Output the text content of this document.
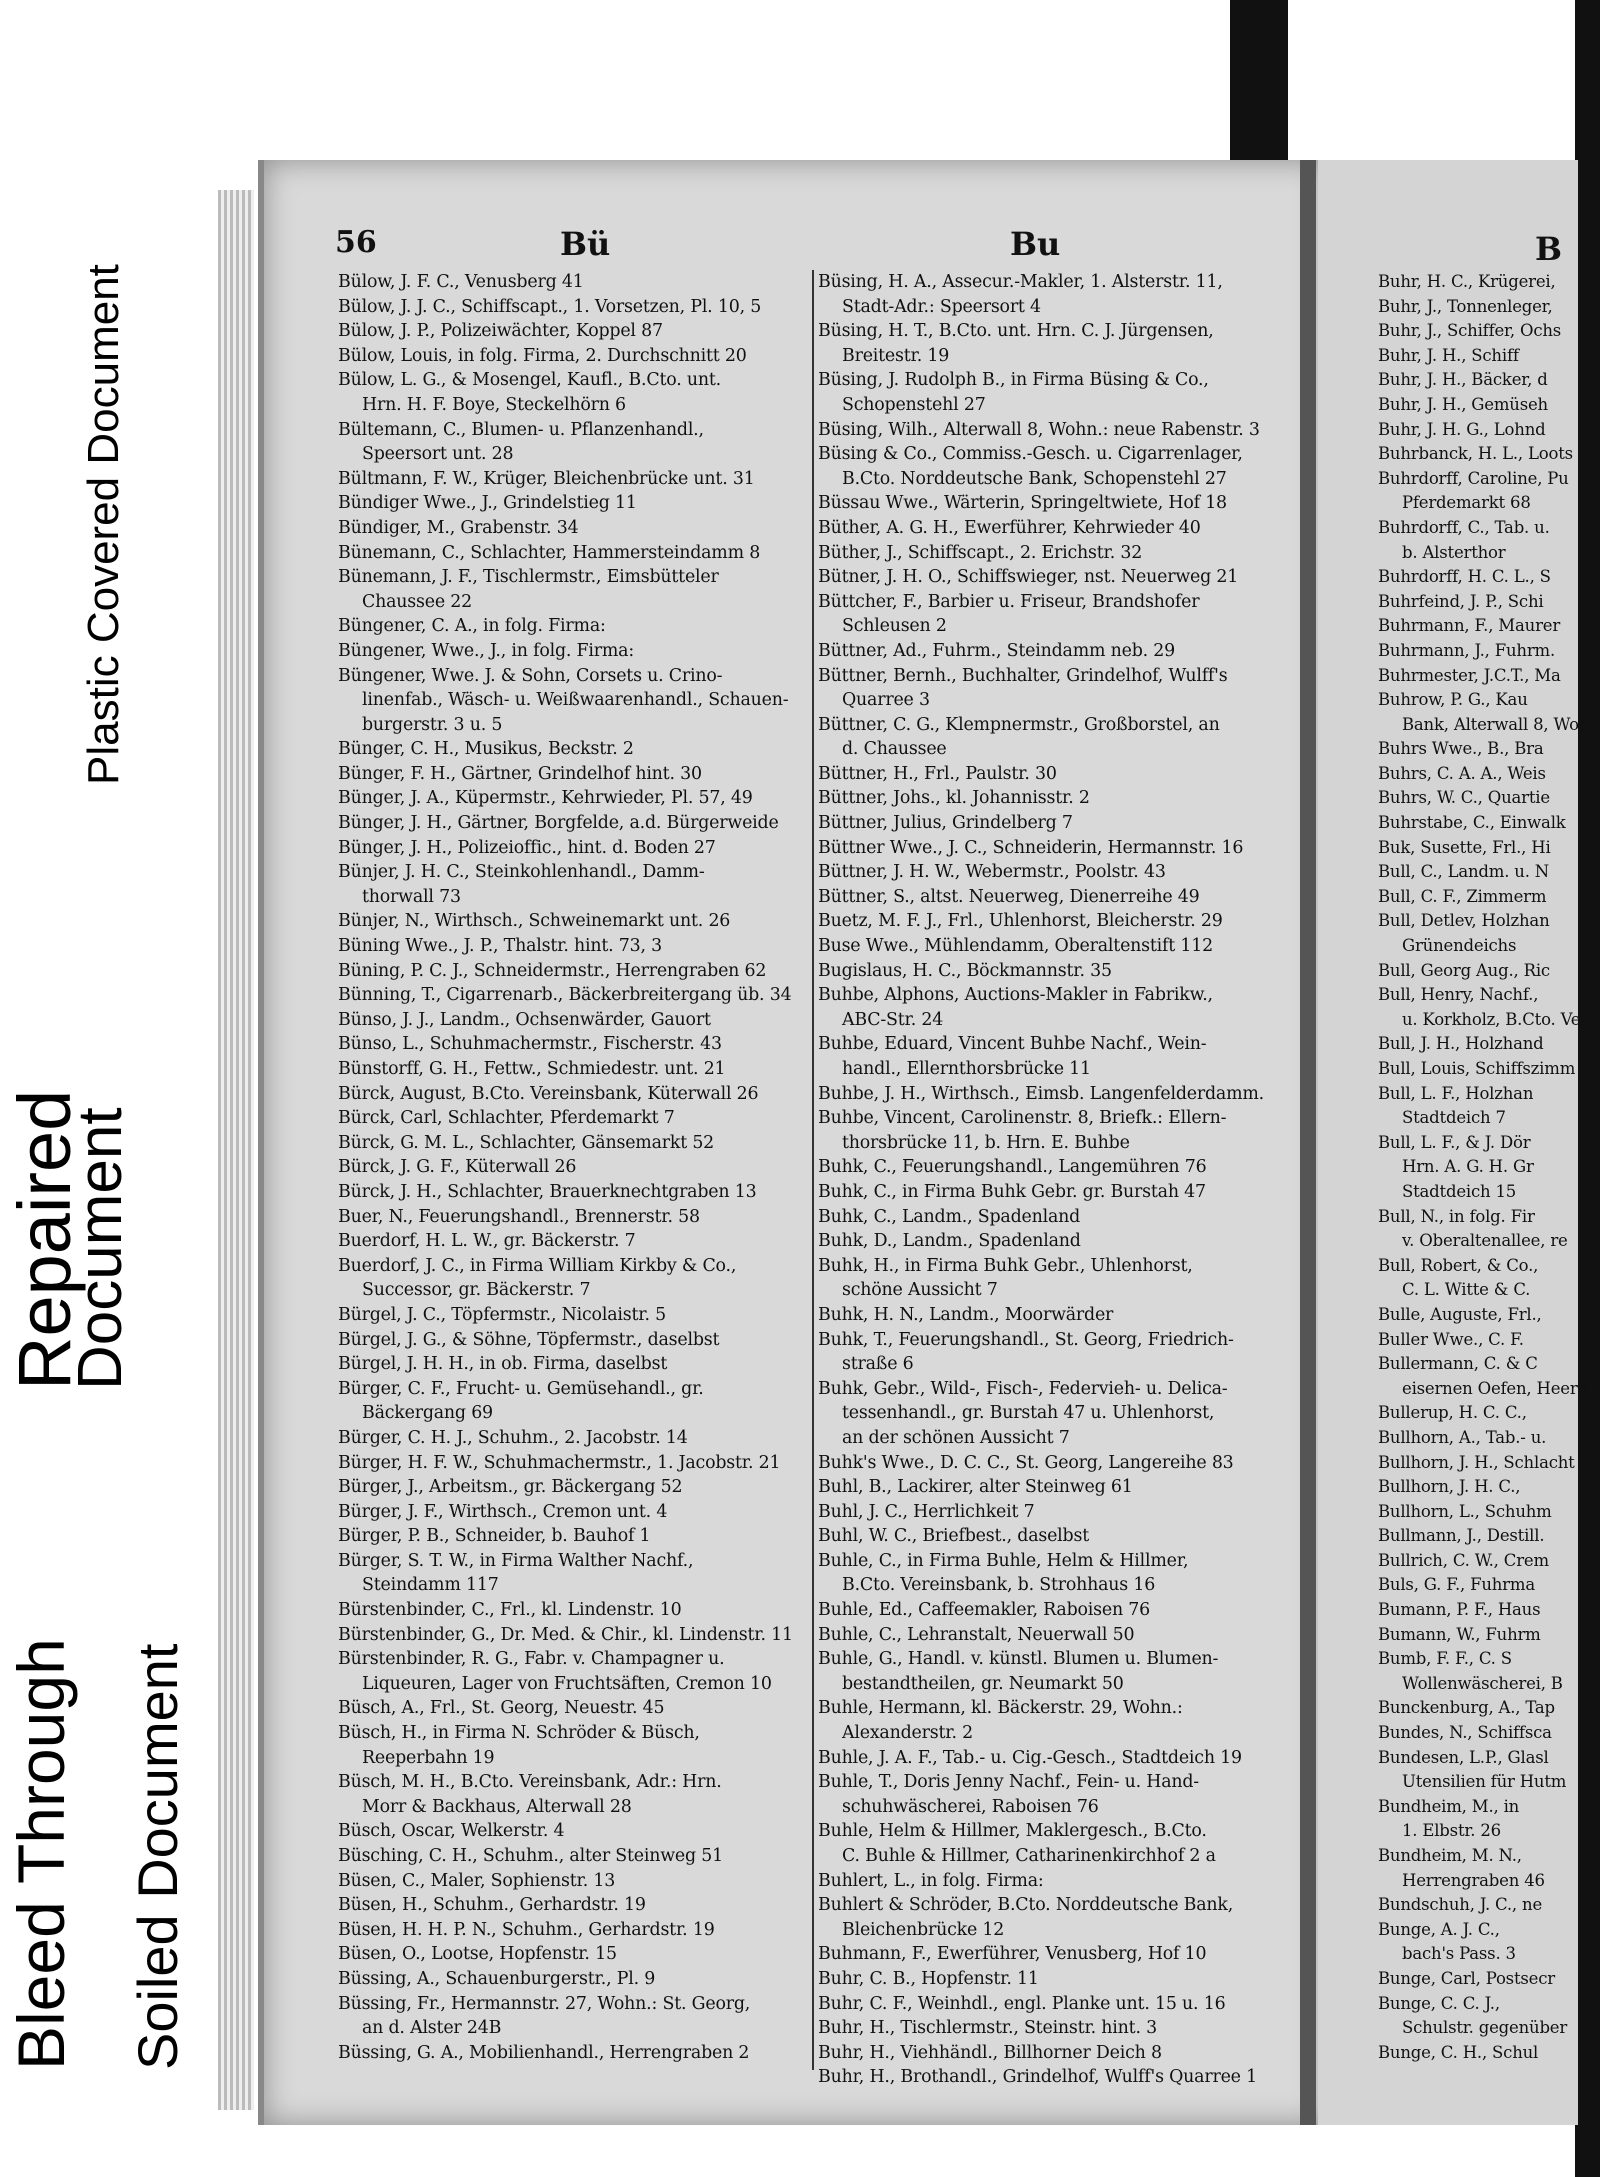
Plastic Covered Document
Repaired
Document
Bleed Through Soiled Document
56	Bü	Bu	B
Bülow, J. F. C., Venusberg 41
Bülow, J. J. C., Schiffscapt., 1. Vorsetzen, Pl. 10, 5
Bülow, J. P., Polizeiwächter, Koppel 87
Bülow, Louis, in folg. Firma, 2. Durchschnitt 20
Bülow, L. G., & Mosengel, Kaufl., B.Cto. unt.
Hrn. H. F. Boye, Steckelhörn 6
Bültemann, C., Blumen- u. Pflanzenhandl.,
Speersort unt. 28
Bültmann, F. W., Krüger, Bleichenbrücke unt. 31
Bündiger Wwe., J., Grindelstieg 11
Bündiger, M., Grabenstr. 34
Bünemann, C., Schlachter, Hammersteindamm 8
Bünemann, J. F., Tischlermstr., Eimsbütteler
Chaussee 22
Büngener, C. A., in folg. Firma:
Büngener, Wwe., J., in folg. Firma:
Büngener, Wwe. J. & Sohn, Corsets u. Crino-
linenfab., Wäsch- u. Weißwaarenhandl., Schauen-
burgerstr. 3 u. 5
Bünger, C. H., Musikus, Beckstr. 2
Bünger, F. H., Gärtner, Grindelhof hint. 30
Bünger, J. A., Küpermstr., Kehrwieder, Pl. 57, 49
Bünger, J. H., Gärtner, Borgfelde, a.d. Bürgerweide
Bünger, J. H., Polizeioffic., hint. d. Boden 27
Bünjer, J. H. C., Steinkohlenhandl., Damm-
thorwall 73
Bünjer, N., Wirthsch., Schweinemarkt unt. 26
Büning Wwe., J. P., Thalstr. hint. 73, 3
Büning, P. C. J., Schneidermstr., Herrengraben 62
Bünning, T., Cigarrenarb., Bäckerbreitergang üb. 34
Bünso, J. J., Landm., Ochsenwärder, Gauort
Bünso, L., Schuhmachermstr., Fischerstr. 43
Bünstorff, G. H., Fettw., Schmiedestr. unt. 21
Bürck, August, B.Cto. Vereinsbank, Küterwall 26
Bürck, Carl, Schlachter, Pferdemarkt 7
Bürck, G. M. L., Schlachter, Gänsemarkt 52
Bürck, J. G. F., Küterwall 26
Bürck, J. H., Schlachter, Brauerknechtgraben 13
Buer, N., Feuerungshandl., Brennerstr. 58
Buerdorf, H. L. W., gr. Bäckerstr. 7
Buerdorf, J. C., in Firma William Kirkby & Co.,
Successor, gr. Bäckerstr. 7
Bürgel, J. C., Töpfermstr., Nicolaistr. 5
Bürgel, J. G., & Söhne, Töpfermstr., daselbst
Bürgel, J. H. H., in ob. Firma, daselbst
Bürger, C. F., Frucht- u. Gemüsehandl., gr.
Bäckergang 69
Bürger, C. H. J., Schuhm., 2. Jacobstr. 14
Bürger, H. F. W., Schuhmachermstr., 1. Jacobstr. 21
Bürger, J., Arbeitsm., gr. Bäckergang 52
Bürger, J. F., Wirthsch., Cremon unt. 4
Bürger, P. B., Schneider, b. Bauhof 1
Bürger, S. T. W., in Firma Walther Nachf.,
Steindamm 117
Bürstenbinder, C., Frl., kl. Lindenstr. 10
Bürstenbinder, G., Dr. Med. & Chir., kl. Lindenstr. 11
Bürstenbinder, R. G., Fabr. v. Champagner u.
Liqueuren, Lager von Fruchtsäften, Cremon 10
Büsch, A., Frl., St. Georg, Neuestr. 45
Büsch, H., in Firma N. Schröder & Büsch,
Reeperbahn 19
Büsch, M. H., B.Cto. Vereinsbank, Adr.: Hrn.
Morr & Backhaus, Alterwall 28
Büsch, Oscar, Welkerstr. 4
Büsching, C. H., Schuhm., alter Steinweg 51
Büsen, C., Maler, Sophienstr. 13
Büsen, H., Schuhm., Gerhardstr. 19
Büsen, H. H. P. N., Schuhm., Gerhardstr. 19
Büsen, O., Lootse, Hopfenstr. 15
Büssing, A., Schauenburgerstr., Pl. 9
Büssing, Fr., Hermannstr. 27, Wohn.: St. Georg,
an d. Alster 24B
Büssing, G. A., Mobilienhandl., Herrengraben 2
Büsing, H. A., Assecur.-Makler, 1. Alsterstr. 11,
Stadt-Adr.: Speersort 4
Büsing, H. T., B.Cto. unt. Hrn. C. J. Jürgensen,
Breitestr. 19
Büsing, J. Rudolph B., in Firma Büsing & Co.,
Schopenstehl 27
Büsing, Wilh., Alterwall 8, Wohn.: neue Rabenstr. 3
Büsing & Co., Commiss.-Gesch. u. Cigarrenlager,
B.Cto. Norddeutsche Bank, Schopenstehl 27
Büssau Wwe., Wärterin, Springeltwiete, Hof 18
Büther, A. G. H., Ewerführer, Kehrwieder 40
Büther, J., Schiffscapt., 2. Erichstr. 32
Bütner, J. H. O., Schiffswieger, nst. Neuerweg 21
Büttcher, F., Barbier u. Friseur, Brandshofer
Schleusen 2
Büttner, Ad., Fuhrm., Steindamm neb. 29
Büttner, Bernh., Buchhalter, Grindelhof, Wulff's
Quarree 3
Büttner, C. G., Klempnermstr., Großborstel, an
d. Chaussee
Büttner, H., Frl., Paulstr. 30
Büttner, Johs., kl. Johannisstr. 2
Büttner, Julius, Grindelberg 7
Büttner Wwe., J. C., Schneiderin, Hermannstr. 16
Büttner, J. H. W., Webermstr., Poolstr. 43
Büttner, S., altst. Neuerweg, Dienerreihe 49
Buetz, M. F. J., Frl., Uhlenhorst, Bleicherstr. 29
Buse Wwe., Mühlendamm, Oberaltenstift 112
Bugislaus, H. C., Böckmannstr. 35
Buhbe, Alphons, Auctions-Makler in Fabrikw.,
ABC-Str. 24
Buhbe, Eduard, Vincent Buhbe Nachf., Wein-
handl., Ellernthorsbrücke 11
Buhbe, J. H., Wirthsch., Eimsb. Langenfelderdamm.
Buhbe, Vincent, Carolinenstr. 8, Briefk.: Ellern-
thorsbrücke 11, b. Hrn. E. Buhbe
Buhk, C., Feuerungshandl., Langemühren 76
Buhk, C., in Firma Buhk Gebr. gr. Burstah 47
Buhk, C., Landm., Spadenland
Buhk, D., Landm., Spadenland
Buhk, H., in Firma Buhk Gebr., Uhlenhorst,
schöne Aussicht 7
Buhk, H. N., Landm., Moorwärder
Buhk, T., Feuerungshandl., St. Georg, Friedrich-
straße 6
Buhk, Gebr., Wild-, Fisch-, Federvieh- u. Delica-
tessenhandl., gr. Burstah 47 u. Uhlenhorst,
an der schönen Aussicht 7
Buhk's Wwe., D. C. C., St. Georg, Langereihe 83
Buhl, B., Lackirer, alter Steinweg 61
Buhl, J. C., Herrlichkeit 7
Buhl, W. C., Briefbest., daselbst
Buhle, C., in Firma Buhle, Helm & Hillmer,
B.Cto. Vereinsbank, b. Strohhaus 16
Buhle, Ed., Caffeemakler, Raboisen 76
Buhle, C., Lehranstalt, Neuerwall 50
Buhle, G., Handl. v. künstl. Blumen u. Blumen-
bestandtheilen, gr. Neumarkt 50
Buhle, Hermann, kl. Bäckerstr. 29, Wohn.:
Alexanderstr. 2
Buhle, J. A. F., Tab.- u. Cig.-Gesch., Stadtdeich 19
Buhle, T., Doris Jenny Nachf., Fein- u. Hand-
schuhwäscherei, Raboisen 76
Buhle, Helm & Hillmer, Maklergesch., B.Cto.
C. Buhle & Hillmer, Catharinenkirchhof 2 a
Buhlert, L., in folg. Firma:
Buhlert & Schröder, B.Cto. Norddeutsche Bank,
Bleichenbrücke 12
Buhmann, F., Ewerführer, Venusberg, Hof 10
Buhr, C. B., Hopfenstr. 11
Buhr, C. F., Weinhdl., engl. Planke unt. 15 u. 16
Buhr, H., Tischlermstr., Steinstr. hint. 3
Buhr, H., Viehhändl., Billhorner Deich 8
Buhr, H., Brothandl., Grindelhof, Wulff's Quarree 1
Buhr, H. C., Krügerei,
Buhr, J., Tonnenleger,
Buhr, J., Schiffer, Ochs
Buhr, J. H., Schiff
Buhr, J. H., Bäcker, d
Buhr, J. H., Gemüseh
Buhr, J. H. G., Lohnd
Buhrbanck, H. L., Loots
Buhrdorff, Caroline, Pu
Pferdemarkt 68
Buhrdorff, C., Tab. u.
b. Alsterthor
Buhrdorff, H. C. L., S
Buhrfeind, J. P., Schi
Buhrmann, F., Maurer
Buhrmann, J., Fuhrm.
Buhrmester, J.C.T., Ma
Buhrow, P. G., Kau
Bank, Alterwall 8, Woh
Buhrs Wwe., B., Bra
Buhrs, C. A. A., Weis
Buhrs, W. C., Quartie
Buhrstabe, C., Einwalk
Buk, Susette, Frl., Hi
Bull, C., Landm. u. N
Bull, C. F., Zimmerm
Bull, Detlev, Holzhan
Grünendeichs
Bull, Georg Aug., Ric
Bull, Henry, Nachf.,
u. Korkholz, B.Cto. Ve
Bull, J. H., Holzhand
Bull, Louis, Schiffszimm
Bull, L. F., Holzhan
Stadtdeich 7
Bull, L. F., & J. Dör
Hrn. A. G. H. Gr
Stadtdeich 15
Bull, N., in folg. Fir
v. Oberaltenallee, re
Bull, Robert, & Co.,
C. L. Witte & C.
Bulle, Auguste, Frl.,
Buller Wwe., C. F.
Bullermann, C. & C
eisernen Oefen, Heerd
Bullerup, H. C. C.,
Bullhorn, A., Tab.- u.
Bullhorn, J. H., Schlacht
Bullhorn, J. H. C.,
Bullhorn, L., Schuhm
Bullmann, J., Destill.
Bullrich, C. W., Crem
Buls, G. F., Fuhrma
Bumann, P. F., Haus
Bumann, W., Fuhrm
Bumb, F. F., C. S
Wollenwäscherei, B
Bunckenburg, A., Tap
Bundes, N., Schiffsca
Bundesen, L.P., Glasl
Utensilien für Hutm
Bundheim, M., in
1. Elbstr. 26
Bundheim, M. N.,
Herrengraben 46
Bundschuh, J. C., ne
Bunge, A. J. C.,
bach's Pass. 3
Bunge, Carl, Postsecr
Bunge, C. C. J.,
Schulstr. gegenüber
Bunge, C. H., Schul
